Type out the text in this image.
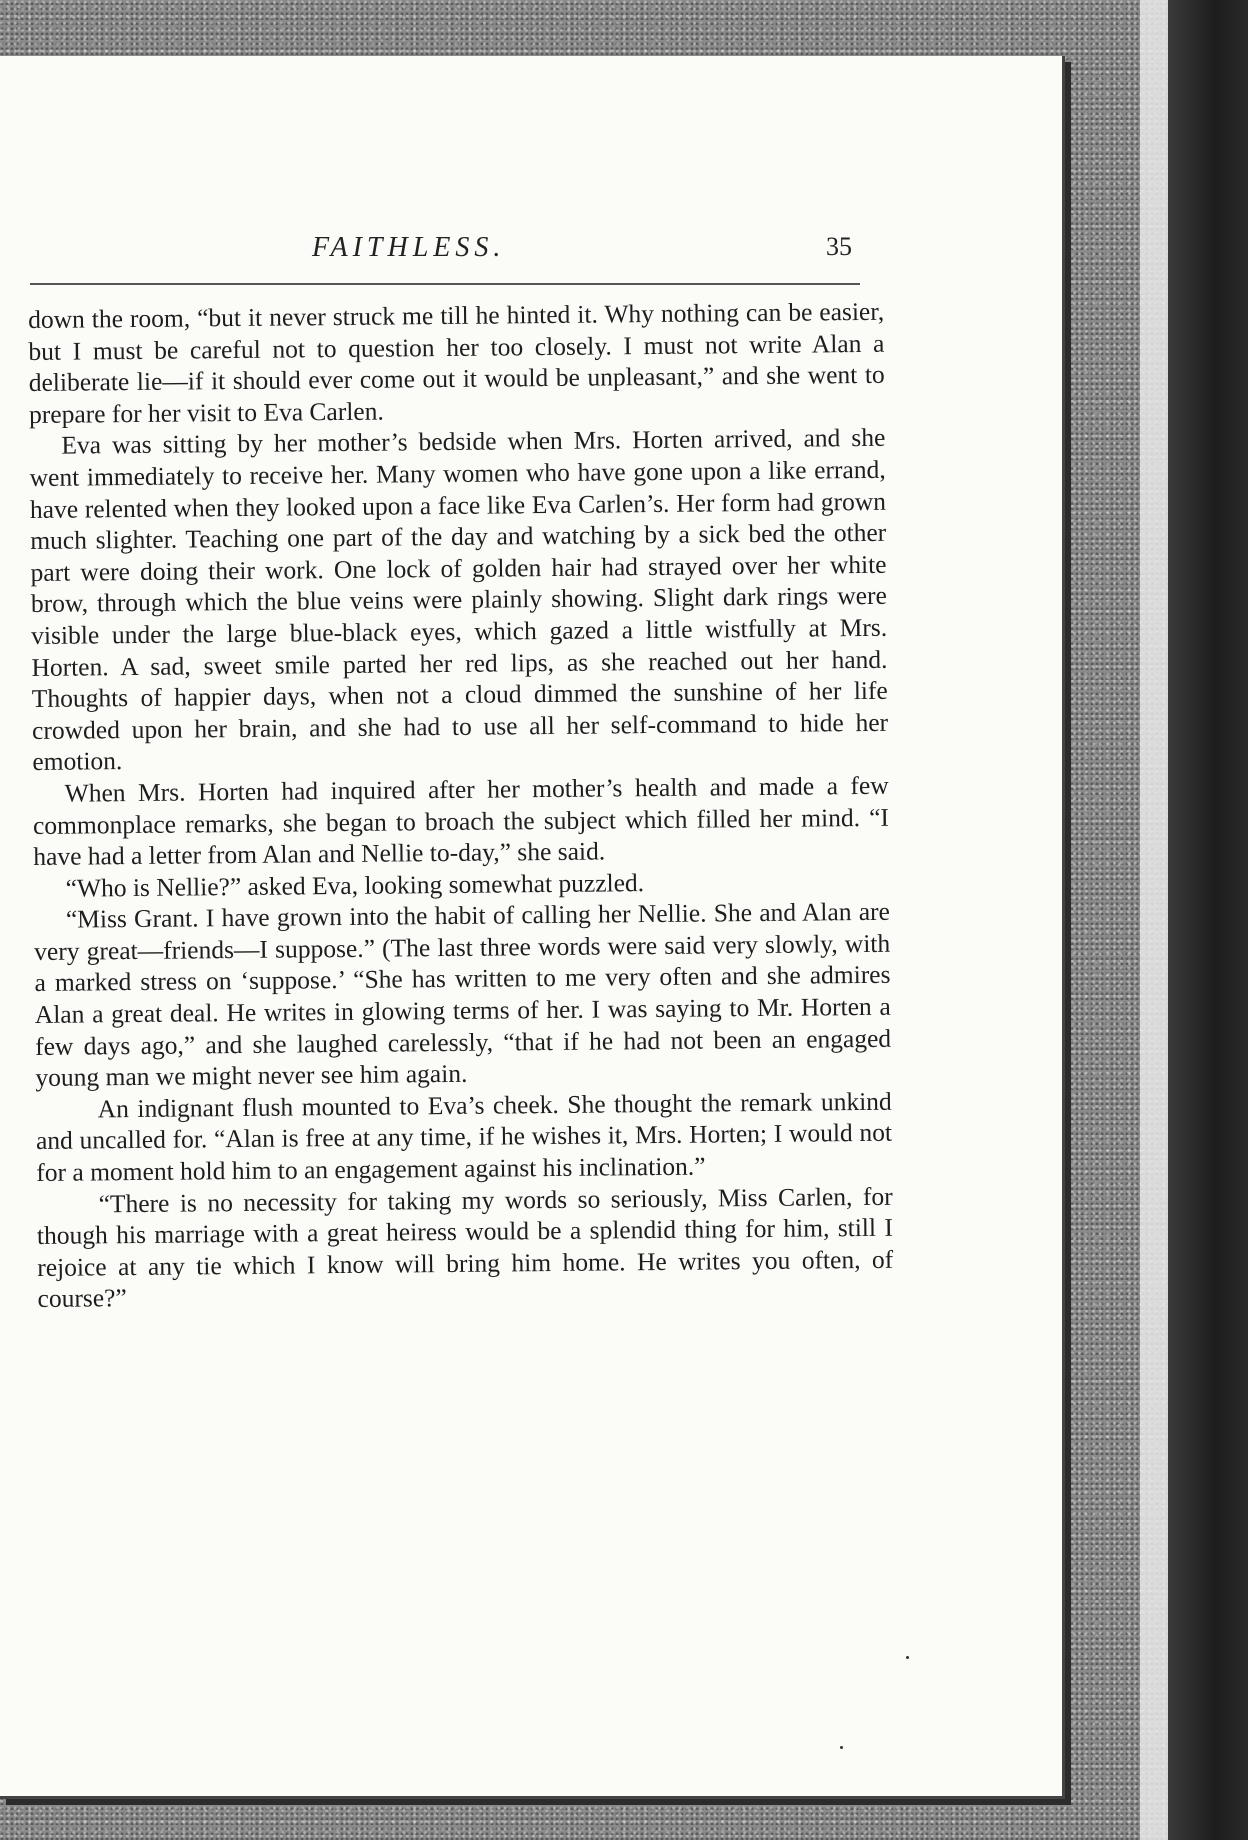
FAITHLESS.	35

down the room, “but it never struck me till he hinted it. Why nothing can be easier, but I must be careful not to question her too closely. I must not write Alan a deliberate lie––if it should ever come out it would be unpleasant,” and she went to prepare for her visit to Eva Carlen.

Eva was sitting by her mother’s bedside when Mrs. Horten arrived, and she went immediately to receive her. Many women who have gone upon a like errand, have relented when they looked upon a face like Eva Carlen’s. Her form had grown much slighter. Teaching one part of the day and watching by a sick bed the other part were doing their work. One lock of golden hair had strayed over her white brow, through which the blue veins were plainly showing. Slight dark rings were visible under the large blue-black eyes, which gazed a little wistfully at Mrs. Horten. A sad, sweet smile parted her red lips, as she reached out her hand. Thoughts of happier days, when not a cloud dimmed the sunshine of her life crowded upon her brain, and she had to use all her self-command to hide her emotion.

When Mrs. Horten had inquired after her mother’s health and made a few commonplace remarks, she began to broach the subject which filled her mind. “I have had a letter from Alan and Nellie to-day,” she said.

“Who is Nellie?” asked Eva, looking somewhat puzzled.

“Miss Grant. I have grown into the habit of calling her Nellie. She and Alan are very great––friends––I suppose.” (The last three words were said very slowly, with a marked stress on ‘suppose.’ “She has written to me very often and she admires Alan a great deal. He writes in glowing terms of her. I was saying to Mr. Horten a few days ago,” and she laughed carelessly, “that if he had not been an engaged young man we might never see him again.

An indignant flush mounted to Eva’s cheek. She thought the remark unkind and uncalled for. “Alan is free at any time, if he wishes it, Mrs. Horten; I would not for a moment hold him to an engagement against his inclination.”

“There is no necessity for taking my words so seriously, Miss Carlen, for though his marriage with a great heiress would be a splendid thing for him, still I rejoice at any tie which I know will bring him home. He writes you often, of course?”
